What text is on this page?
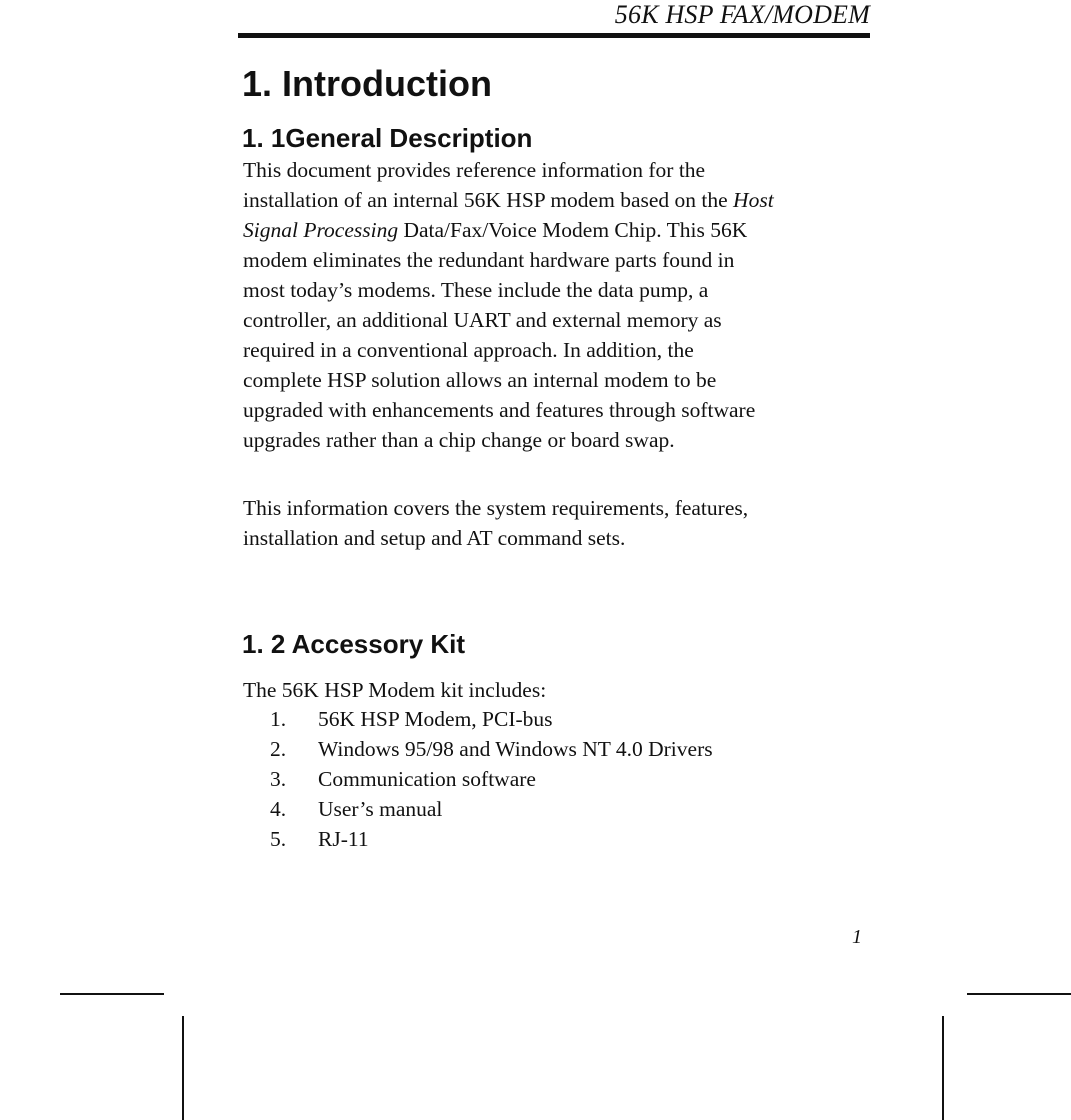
56K HSP FAX/MODEM
1. Introduction
1. 1General Description
This document provides reference information for the
installation of an internal 56K HSP modem based on the Host
Signal Processing Data/Fax/Voice Modem Chip. This 56K
modem eliminates the redundant hardware parts found in
most today’s modems. These include the data pump, a
controller, an additional UART and external memory as
required in a conventional approach. In addition, the
complete HSP solution allows an internal modem to be
upgraded with enhancements and features through software
upgrades rather than a chip change or board swap.
This information covers the system requirements, features,
installation and setup and AT command sets.
1. 2 Accessory Kit
The 56K HSP Modem kit includes:
1.	56K HSP Modem, PCI-bus
2.	Windows 95/98 and Windows NT 4.0 Drivers
3.	Communication software
4.	User’s manual
5.	RJ-11
1
